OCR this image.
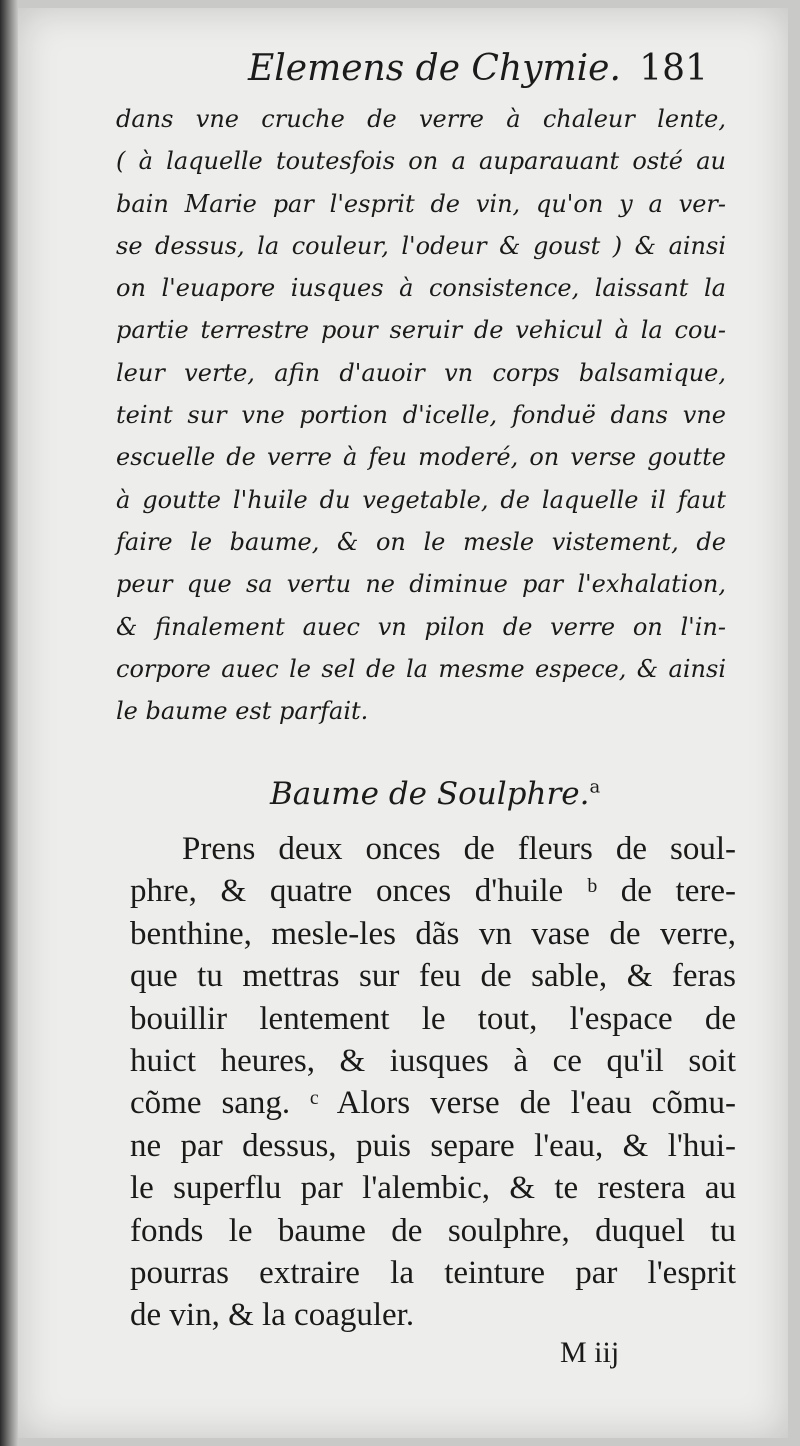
Elemens de Chymie. 181
dans vne cruche de verre à chaleur lente,
( à laquelle toutesfois on a auparauant osté au
bain Marie par l'esprit de vin, qu'on y a ver-
se dessus, la couleur, l'odeur & goust ) & ainsi
on l'euapore iusques à consistence, laissant la
partie terrestre pour seruir de vehicul à la cou-
leur verte, afin d'auoir vn corps balsamique,
teint sur vne portion d'icelle, fonduë dans vne
escuelle de verre à feu moderé, on verse goutte
à goutte l'huile du vegetable, de laquelle il faut
faire le baume, & on le mesle vistement, de
peur que sa vertu ne diminue par l'exhalation,
& finalement auec vn pilon de verre on l'in-
corpore auec le sel de la mesme espece, & ainsi
le baume est parfait.
Baume de Soulphre.$^a$
Prens deux onces de fleurs de soul-
phre, & quatre onces d'huile ᵇ de tere-
benthine, mesle-les dãs vn vase de verre,
que tu mettras sur feu de sable, & feras
bouillir lentement le tout, l'espace de
huict heures, & iusques à ce qu'il soit
cõme sang. ᶜ Alors verse de l'eau cõmu-
ne par dessus, puis separe l'eau, & l'hui-
le superflu par l'alembic, & te restera au
fonds le baume de soulphre, duquel tu
pourras extraire la teinture par l'esprit
de vin, & la coaguler.
M iij
